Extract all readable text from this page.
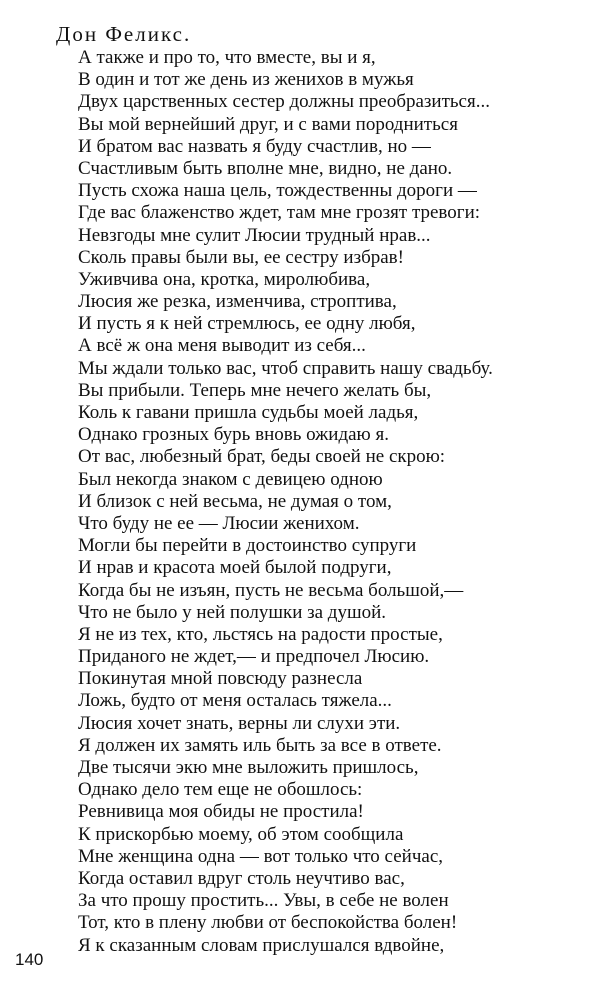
Дон Феликс.
А также и про то, что вместе, вы и я,
В один и тот же день из женихов в мужья
Двух царственных сестер должны преобразиться...
Вы мой вернейший друг, и с вами породниться
И братом вас назвать я буду счастлив, но —
Счастливым быть вполне мне, видно, не дано.
Пусть схожа наша цель, тождественны дороги —
Где вас блаженство ждет, там мне грозят тревоги:
Невзгоды мне сулит Люсии трудный нрав...
Сколь правы были вы, ее сестру избрав!
Уживчива она, кротка, миролюбива,
Люсия же резка, изменчива, строптива,
И пусть я к ней стремлюсь, ее одну любя,
А всё ж она меня выводит из себя...
Мы ждали только вас, чтоб справить нашу свадьбу.
Вы прибыли. Теперь мне нечего желать бы,
Коль к гавани пришла судьбы моей ладья,
Однако грозных бурь вновь ожидаю я.
От вас, любезный брат, беды своей не скрою:
Был некогда знаком с девицею одною
И близок с ней весьма, не думая о том,
Что буду не ее — Люсии женихом.
Могли бы перейти в достоинство супруги
И нрав и красота моей былой подруги,
Когда бы не изъян, пусть не весьма большой,—
Что не было у ней полушки за душой.
Я не из тех, кто, льстясь на радости простые,
Приданого не ждет,— и предпочел Люсию.
Покинутая мной повсюду разнесла
Ложь, будто от меня осталась тяжела...
Люсия хочет знать, верны ли слухи эти.
Я должен их замять иль быть за все в ответе.
Две тысячи экю мне выложить пришлось,
Однако дело тем еще не обошлось:
Ревнивица моя обиды не простила!
К прискорбью моему, об этом сообщила
Мне женщина одна — вот только что сейчас,
Когда оставил вдруг столь неучтиво вас,
За что прошу простить... Увы, в себе не волен
Тот, кто в плену любви от беспокойства болен!
Я к сказанным словам прислушался вдвойне,
140
